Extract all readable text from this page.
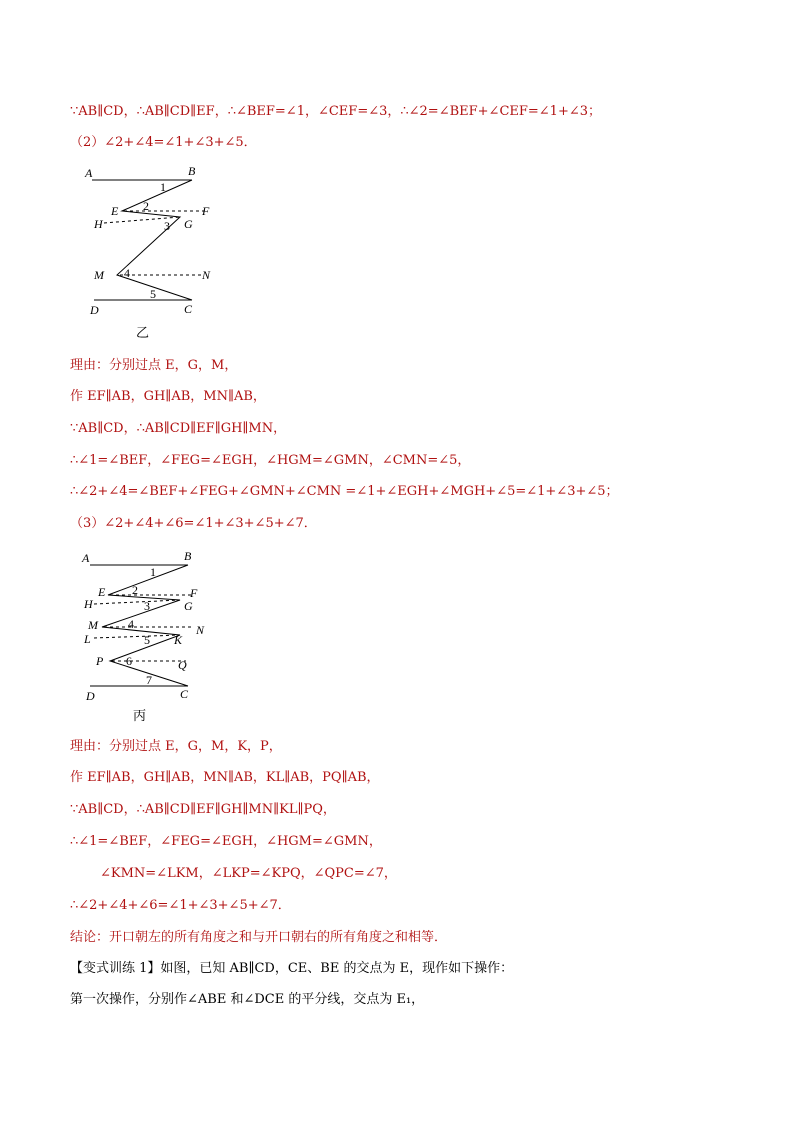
∵AB∥CD，∴AB∥CD∥EF，∴∠BEF=∠1，∠CEF=∠3，∴∠2=∠BEF+∠CEF=∠1+∠3；
（2）∠2+∠4=∠1+∠3+∠5．
A	B
E	F
H	G
M	N
D	C
1
2
3
4
5
乙
理由：分别过点 E，G，M，
作 EF∥AB，GH∥AB，MN∥AB，
∵AB∥CD，∴AB∥CD∥EF∥GH∥MN，
∴∠1=∠BEF，∠FEG=∠EGH，∠HGM=∠GMN，∠CMN=∠5，
∴∠2+∠4=∠BEF+∠FEG+∠GMN+∠CMN =∠1+∠EGH+∠MGH+∠5=∠1+∠3+∠5；
（3）∠2+∠4+∠6=∠1+∠3+∠5+∠7．
A	B
E	F
H	G
M	N
L	K
P	Q
D	C
1
2
3
4
5
6
7
丙
理由：分别过点 E，G，M，K，P，
作 EF∥AB，GH∥AB，MN∥AB，KL∥AB，PQ∥AB，
∵AB∥CD，∴AB∥CD∥EF∥GH∥MN∥KL∥PQ，
∴∠1=∠BEF，∠FEG=∠EGH，∠HGM=∠GMN，
∠KMN=∠LKM，∠LKP=∠KPQ，∠QPC=∠7，
∴∠2+∠4+∠6=∠1+∠3+∠5+∠7．
结论：开口朝左的所有角度之和与开口朝右的所有角度之和相等．
【变式训练 1】如图，已知 AB∥CD，CE、BE 的交点为 E，现作如下操作：
第一次操作，分别作∠ABE 和∠DCE 的平分线，交点为 E₁，
